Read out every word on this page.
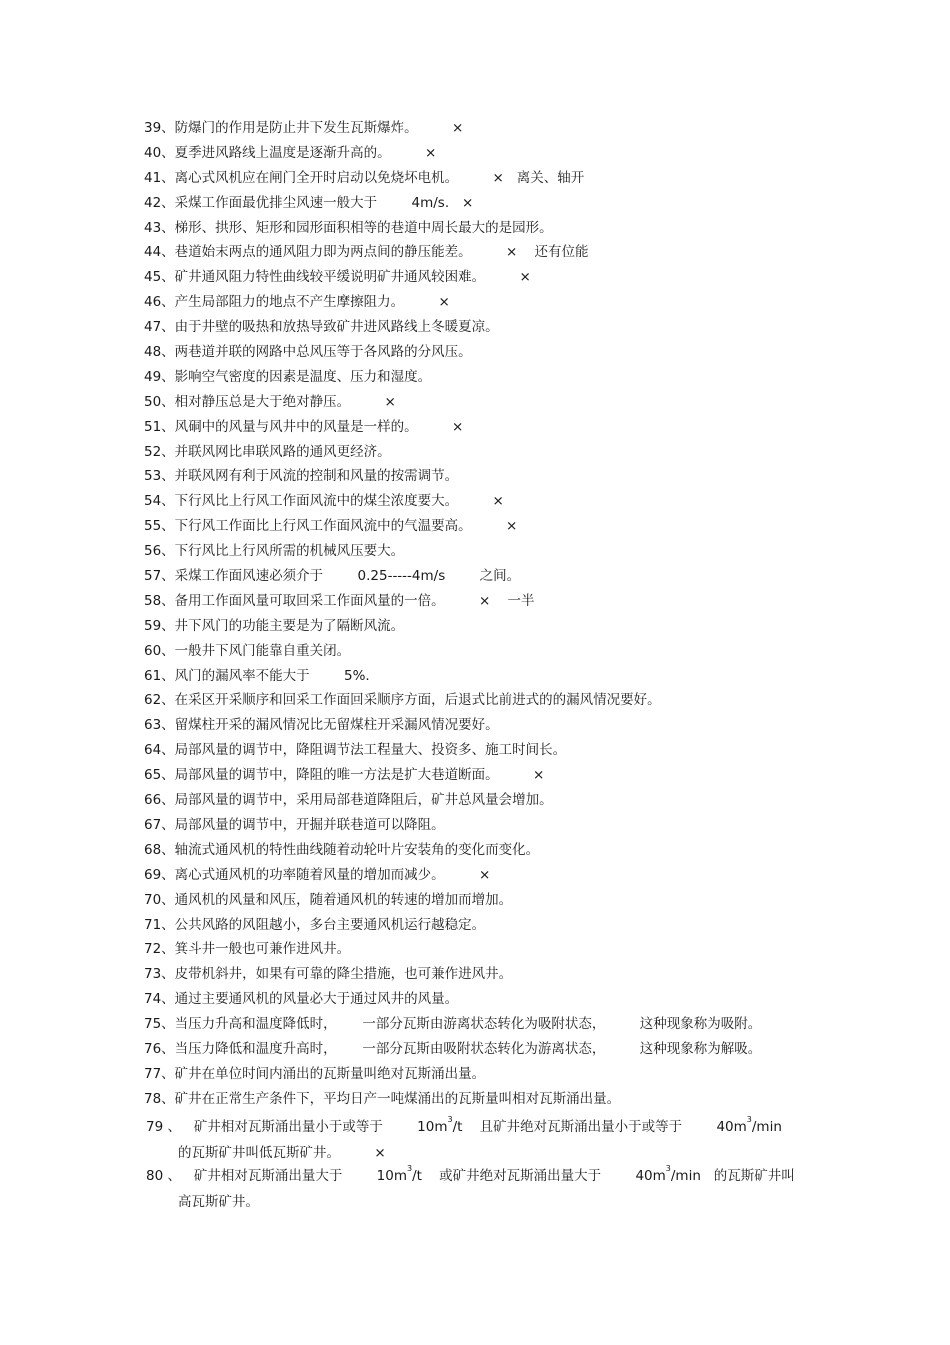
39、防爆门的作用是防止井下发生瓦斯爆炸。        ×
40、夏季进风路线上温度是逐渐升高的。        ×
41、离心式风机应在闸门全开时启动以免烧坏电机。        ×   离关、轴开
42、采煤工作面最优排尘风速一般大于        4m/s.   ×
43、梯形、拱形、矩形和园形面积相等的巷道中周长最大的是园形。
44、巷道始末两点的通风阻力即为两点间的静压能差。        ×    还有位能
45、矿井通风阻力特性曲线较平缓说明矿井通风较困难。        ×
46、产生局部阻力的地点不产生摩擦阻力。        ×
47、由于井壁的吸热和放热导致矿井进风路线上冬暖夏凉。
48、两巷道并联的网路中总风压等于各风路的分风压。
49、影响空气密度的因素是温度、压力和湿度。
50、相对静压总是大于绝对静压。        ×
51、风硐中的风量与风井中的风量是一样的。        ×
52、并联风网比串联风路的通风更经济。
53、并联风网有利于风流的控制和风量的按需调节。
54、下行风比上行风工作面风流中的煤尘浓度要大。        ×
55、下行风工作面比上行风工作面风流中的气温要高。        ×
56、下行风比上行风所需的机械风压要大。
57、采煤工作面风速必须介于        0.25-----4m/s        之间。
58、备用工作面风量可取回采工作面风量的一倍。        ×    一半
59、井下风门的功能主要是为了隔断风流。
60、一般井下风门能靠自重关闭。
61、风门的漏风率不能大于        5%.
62、在采区开采顺序和回采工作面回采顺序方面，后退式比前进式的的漏风情况要好。
63、留煤柱开采的漏风情况比无留煤柱开采漏风情况要好。
64、局部风量的调节中，降阻调节法工程量大、投资多、施工时间长。
65、局部风量的调节中，降阻的唯一方法是扩大巷道断面。        ×
66、局部风量的调节中，采用局部巷道降阻后，矿井总风量会增加。
67、局部风量的调节中，开掘并联巷道可以降阻。
68、轴流式通风机的特性曲线随着动轮叶片安装角的变化而变化。
69、离心式通风机的功率随着风量的增加而减少。        ×
70、通风机的风量和风压，随着通风机的转速的增加而增加。
71、公共风路的风阻越小，多台主要通风机运行越稳定。
72、箕斗井一般也可兼作进风井。
73、皮带机斜井，如果有可靠的降尘措施，也可兼作进风井。
74、通过主要通风机的风量必大于通过风井的风量。
75、当压力升高和温度降低时，      一部分瓦斯由游离状态转化为吸附状态，        这种现象称为吸附。
76、当压力降低和温度升高时，      一部分瓦斯由吸附状态转化为游离状态，        这种现象称为解吸。
77、矿井在单位时间内涌出的瓦斯量叫绝对瓦斯涌出量。
78、矿井在正常生产条件下，平均日产一吨煤涌出的瓦斯量叫相对瓦斯涌出量。
79 、   矿井相对瓦斯涌出量小于或等于        $10m^3/t$    且矿井绝对瓦斯涌出量小于或等于        $40m^3/\min$
的瓦斯矿井叫低瓦斯矿井。        ×
80 、   矿井相对瓦斯涌出量大于        $10m^3/t$    或矿井绝对瓦斯涌出量大于        $40m^3/\min$   的瓦斯矿井叫
高瓦斯矿井。
